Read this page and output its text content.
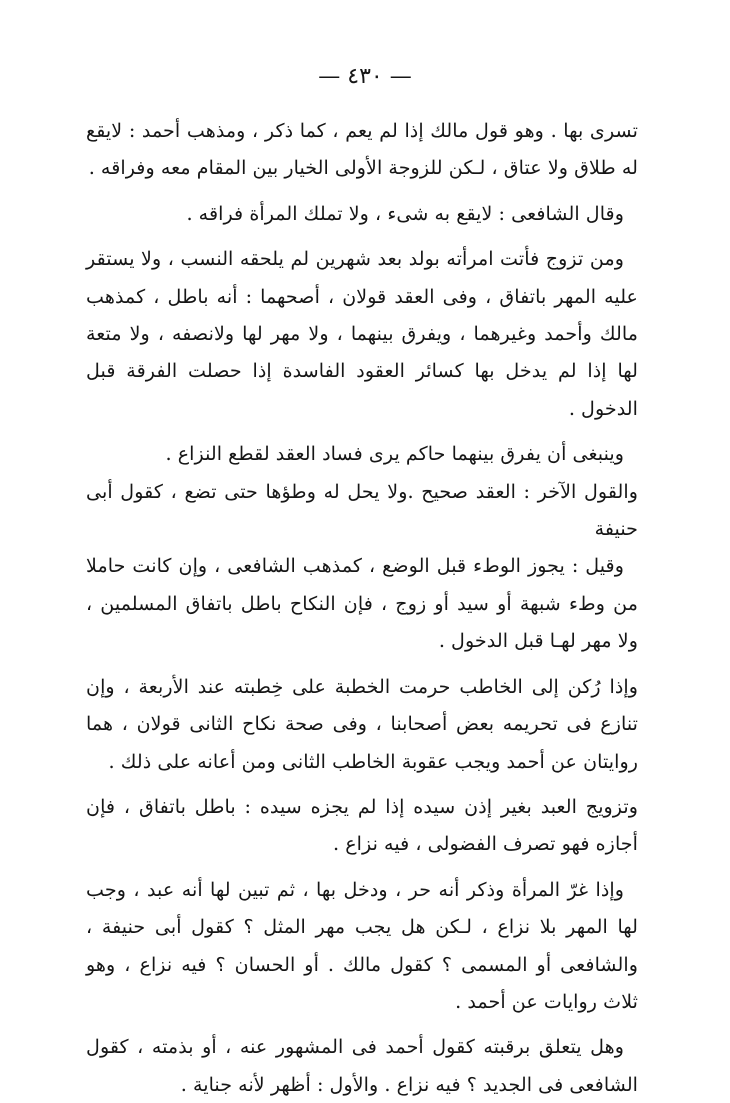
— ٤٣٠ —

تسرى بها . وهو قول مالك إذا لم يعم ، كما ذكر ، ومذهب أحمد : لايقع له طلاق ولا عتاق ، لـكن للزوجة الأولى الخيار بين المقام معه وفراقه .

وقال الشافعى : لايقع به شىء ، ولا تملك المرأة فراقه .

ومن تزوج فأتت امرأته بولد بعد شهرين لم يلحقه النسب ، ولا يستقر عليه المهر باتفاق ، وفى العقد قولان ، أصحهما : أنه باطل ، كمذهب مالك وأحمد وغيرهما ، ويفرق بينهما ، ولا مهر لها ولانصفه ، ولا متعة لها إذا لم يدخل بها كسائر العقود الفاسدة إذا حصلت الفرقة قبل الدخول .

وينبغى أن يفرق بينهما حاكم يرى فساد العقد لقطع النزاع .

والقول الآخر : العقد صحيح .ولا يحل له وطؤها حتى تضع ، كقول أبى حنيفة

وقيل : يجوز الوطء قبل الوضع ، كمذهب الشافعى ، وإن كانت حاملا من وطء شبهة أو سيد أو زوج ، فإن النكاح باطل باتفاق المسلمين ، ولا مهر لهـا قبل الدخول .

وإذا رُكن إلى الخاطب حرمت الخطبة على خِطبته عند الأربعة ، وإن تنازع فى تحريمه بعض أصحابنا ، وفى صحة نكاح الثانى قولان ، هما روايتان عن أحمد ويجب عقوبة الخاطب الثانى ومن أعانه على ذلك .

وتزويج العبد بغير إذن سيده إذا لم يجزه سيده : باطل باتفاق ، فإن أجازه فهو تصرف الفضولى ، فيه نزاع .

وإذا غرّ المرأة وذكر أنه حر ، ودخل بها ، ثم تبين لها أنه عبد ، وجب لها المهر بلا نزاع ، لـكن هل يجب مهر المثل ؟ كقول أبى حنيفة ، والشافعى أو المسمى ؟ كقول مالك . أو الحسان ؟ فيه نزاع ، وهو ثلاث روايات عن أحمد .

وهل يتعلق برقبته كقول أحمد فى المشهور عنه ، أو بذمته ، كقول الشافعى فى الجديد ؟ فيه نزاع . والأول : أظهر لأنه جناية .
